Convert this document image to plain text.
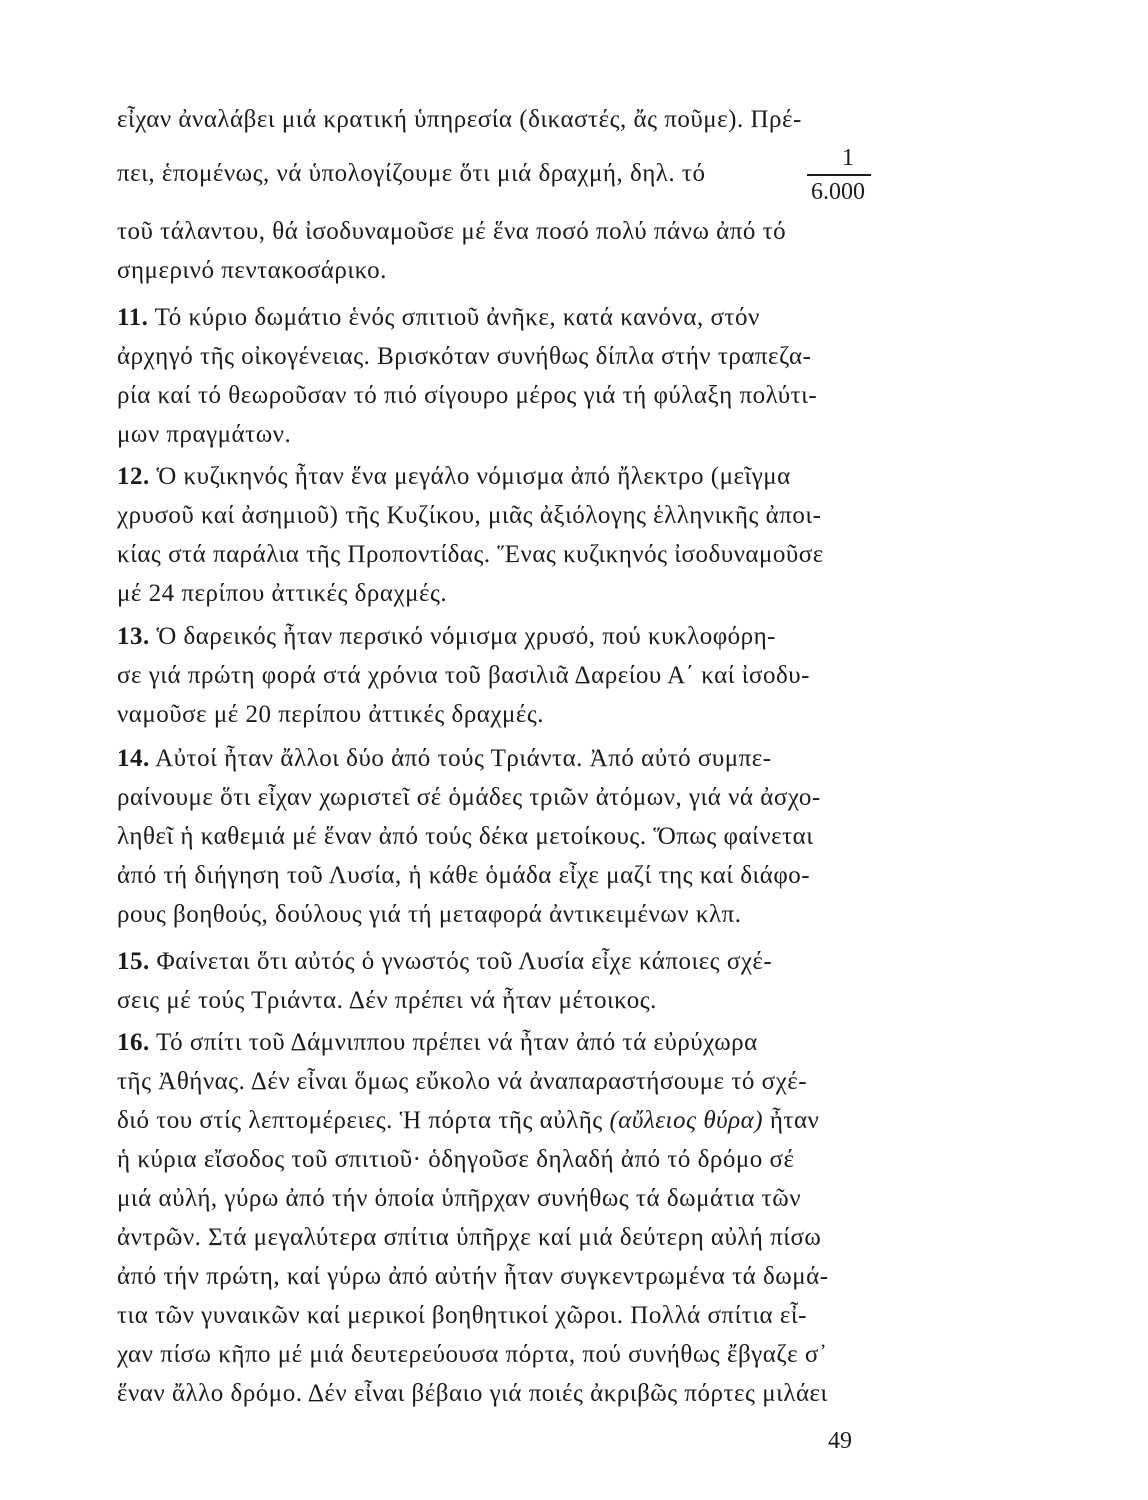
εἶχαν ἀναλάβει μιά κρατική ὑπηρεσία (δικαστές, ἄς ποῦμε). Πρέ-
πει, ἑπομένως, νά ὑπολογίζουμε ὅτι μιά δραχμή, δηλ. τό
τοῦ τάλαντου, θά ἰσοδυναμοῦσε μέ ἕνα ποσό πολύ πάνω ἀπό τό
σημερινό πεντακοσάρικο.
1
6.000
11. Τό κύριο δωμάτιο ἑνός σπιτιοῦ ἀνῆκε, κατά κανόνα, στόν
ἀρχηγό τῆς οἰκογένειας. Βρισκόταν συνήθως δίπλα στήν τραπεζα-
ρία καί τό θεωροῦσαν τό πιό σίγουρο μέρος γιά τή φύλαξη πολύτι-
μων πραγμάτων.
12. Ὁ κυζικηνός ἦταν ἕνα μεγάλο νόμισμα ἀπό ἤλεκτρο (μεῖγμα
χρυσοῦ καί ἀσημιοῦ) τῆς Κυζίκου, μιᾶς ἀξιόλογης ἑλληνικῆς ἀποι-
κίας στά παράλια τῆς Προποντίδας. Ἕνας κυζικηνός ἰσοδυναμοῦσε
μέ 24 περίπου ἀττικές δραχμές.
13. Ὁ δαρεικός ἦταν περσικό νόμισμα χρυσό, πού κυκλοφόρη-
σε γιά πρώτη φορά στά χρόνια τοῦ βασιλιᾶ Δαρείου Α΄ καί ἰσοδυ-
ναμοῦσε μέ 20 περίπου ἀττικές δραχμές.
14. Αὐτοί ἦταν ἄλλοι δύο ἀπό τούς Τριάντα. Ἀπό αὐτό συμπε-
ραίνουμε ὅτι εἶχαν χωριστεῖ σέ ὁμάδες τριῶν ἀτόμων, γιά νά ἀσχο-
ληθεῖ ἡ καθεμιά μέ ἕναν ἀπό τούς δέκα μετοίκους. Ὅπως φαίνεται
ἀπό τή διήγηση τοῦ Λυσία, ἡ κάθε ὁμάδα εἶχε μαζί της καί διάφο-
ρους βοηθούς, δούλους γιά τή μεταφορά ἀντικειμένων κλπ.
15. Φαίνεται ὅτι αὐτός ὁ γνωστός τοῦ Λυσία εἶχε κάποιες σχέ-
σεις μέ τούς Τριάντα. Δέν πρέπει νά ἦταν μέτοικος.
16. Τό σπίτι τοῦ Δάμνιππου πρέπει νά ἦταν ἀπό τά εὐρύχωρα
τῆς Ἀθήνας. Δέν εἶναι ὅμως εὔκολο νά ἀναπαραστήσουμε τό σχέ-
διό του στίς λεπτομέρειες. Ἡ πόρτα τῆς αὐλῆς (αὔλειος θύρα) ἦταν
ἡ κύρια εἴσοδος τοῦ σπιτιοῦ· ὁδηγοῦσε δηλαδή ἀπό τό δρόμο σέ
μιά αὐλή, γύρω ἀπό τήν ὁποία ὑπῆρχαν συνήθως τά δωμάτια τῶν
ἀντρῶν. Στά μεγαλύτερα σπίτια ὑπῆρχε καί μιά δεύτερη αὐλή πίσω
ἀπό τήν πρώτη, καί γύρω ἀπό αὐτήν ἦταν συγκεντρωμένα τά δωμά-
τια τῶν γυναικῶν καί μερικοί βοηθητικοί χῶροι. Πολλά σπίτια εἶ-
χαν πίσω κῆπο μέ μιά δευτερεύουσα πόρτα, πού συνήθως ἔβγαζε σ᾿
ἕναν ἄλλο δρόμο. Δέν εἶναι βέβαιο γιά ποιές ἀκριβῶς πόρτες μιλάει
49
